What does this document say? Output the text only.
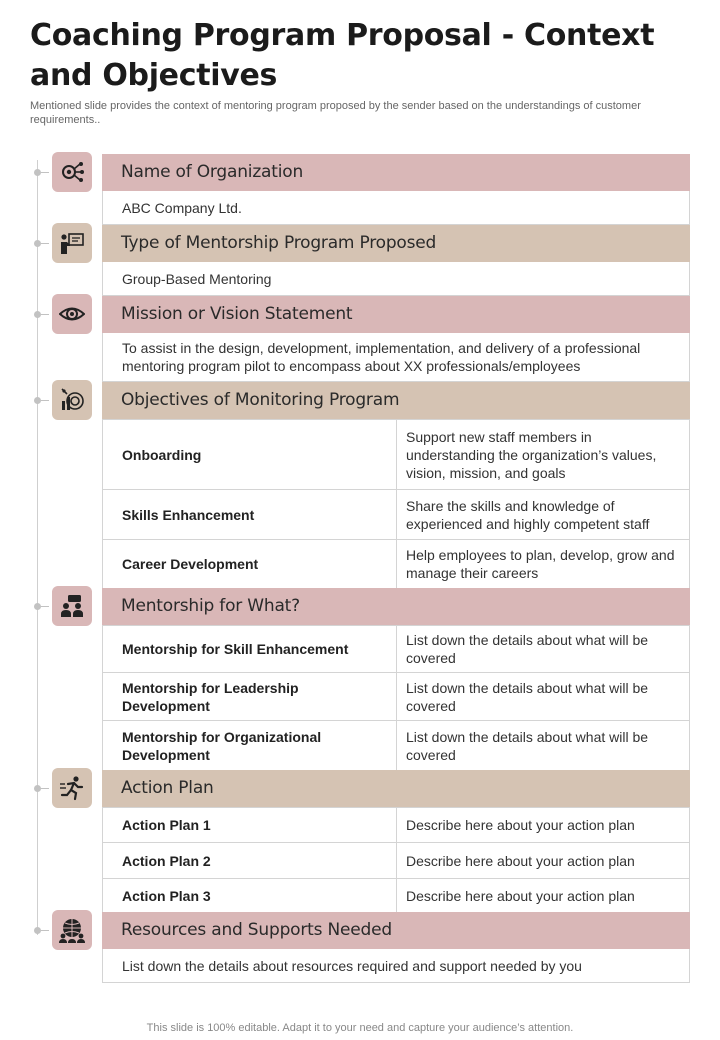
Coaching Program Proposal - Context and Objectives
Mentioned slide provides the context of mentoring program proposed by the sender based on the understandings of customer requirements..
Name of Organization
ABC Company Ltd.
Type of Mentorship Program Proposed
Group-Based Mentoring
Mission or Vision Statement
To assist in the design, development, implementation, and delivery of a professional mentoring program pilot to encompass about XX professionals/employees
Objectives of Monitoring Program
Onboarding	Support new staff members in understanding the organization’s values, vision, mission, and goals
Skills Enhancement	Share the skills and knowledge of experienced and highly competent staff
Career Development	Help employees to plan, develop, grow and manage their careers
Mentorship for What?
Mentorship for Skill Enhancement	List down the details about what will be covered
Mentorship for Leadership Development	List down the details about what will be covered
Mentorship for Organizational Development	List down the details about what will be covered
Action Plan
Action Plan 1	Describe here about your action plan
Action Plan 2	Describe here about your action plan
Action Plan 3	Describe here about your action plan
Resources and Supports Needed
List down the details about resources required and support needed by you
This slide is 100% editable. Adapt it to your need and capture your audience’s attention.
